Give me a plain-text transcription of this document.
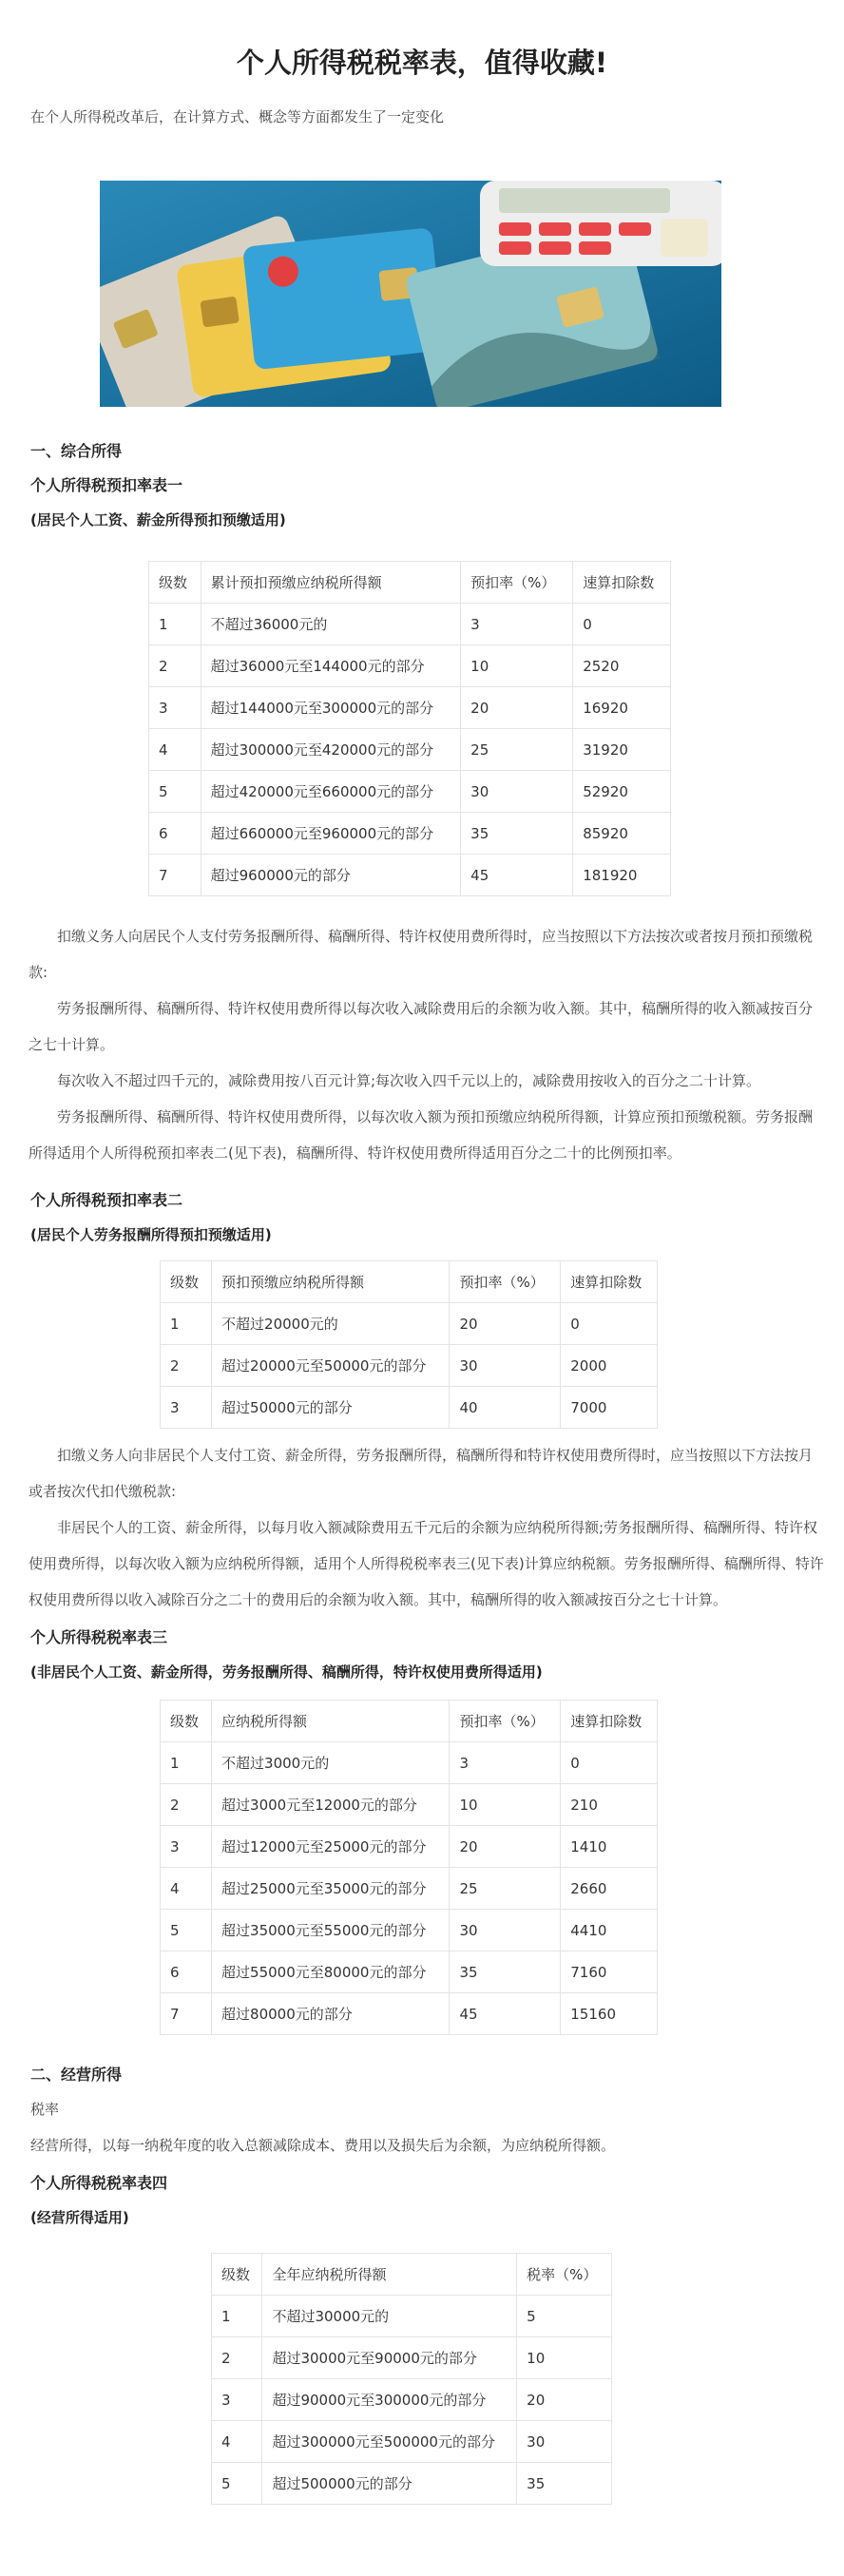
个人所得税税率表，值得收藏!

在个人所得税改革后，在计算方式、概念等方面都发生了一定变化

一、综合所得

个人所得税预扣率表一

(居民个人工资、薪金所得预扣预缴适用)

级数	累计预扣预缴应纳税所得额	预扣率（%）	速算扣除数
1	不超过36000元的	3	0
2	超过36000元至144000元的部分	10	2520
3	超过144000元至300000元的部分	20	16920
4	超过300000元至420000元的部分	25	31920
5	超过420000元至660000元的部分	30	52920
6	超过660000元至960000元的部分	35	85920
7	超过960000元的部分	45	181920

扣缴义务人向居民个人支付劳务报酬所得、稿酬所得、特许权使用费所得时，应当按照以下方法按次或者按月预扣预缴税款:

劳务报酬所得、稿酬所得、特许权使用费所得以每次收入减除费用后的余额为收入额。其中，稿酬所得的收入额减按百分之七十计算。

每次收入不超过四千元的，减除费用按八百元计算;每次收入四千元以上的，减除费用按收入的百分之二十计算。

劳务报酬所得、稿酬所得、特许权使用费所得，以每次收入额为预扣预缴应纳税所得额，计算应预扣预缴税额。劳务报酬所得适用个人所得税预扣率表二(见下表)，稿酬所得、特许权使用费所得适用百分之二十的比例预扣率。

个人所得税预扣率表二

(居民个人劳务报酬所得预扣预缴适用)

级数	预扣预缴应纳税所得额	预扣率（%）	速算扣除数
1	不超过20000元的	20	0
2	超过20000元至50000元的部分	30	2000
3	超过50000元的部分	40	7000

扣缴义务人向非居民个人支付工资、薪金所得，劳务报酬所得，稿酬所得和特许权使用费所得时，应当按照以下方法按月或者按次代扣代缴税款:

非居民个人的工资、薪金所得，以每月收入额减除费用五千元后的余额为应纳税所得额;劳务报酬所得、稿酬所得、特许权使用费所得，以每次收入额为应纳税所得额，适用个人所得税税率表三(见下表)计算应纳税额。劳务报酬所得、稿酬所得、特许权使用费所得以收入减除百分之二十的费用后的余额为收入额。其中，稿酬所得的收入额减按百分之七十计算。

个人所得税税率表三

(非居民个人工资、薪金所得，劳务报酬所得、稿酬所得，特许权使用费所得适用)

级数	应纳税所得额	预扣率（%）	速算扣除数
1	不超过3000元的	3	0
2	超过3000元至12000元的部分	10	210
3	超过12000元至25000元的部分	20	1410
4	超过25000元至35000元的部分	25	2660
5	超过35000元至55000元的部分	30	4410
6	超过55000元至80000元的部分	35	7160
7	超过80000元的部分	45	15160

二、经营所得

税率

经营所得，以每一纳税年度的收入总额减除成本、费用以及损失后为余额，为应纳税所得额。

个人所得税税率表四

(经营所得适用)

级数	全年应纳税所得额	税率（%）
1	不超过30000元的	5
2	超过30000元至90000元的部分	10
3	超过90000元至300000元的部分	20
4	超过300000元至500000元的部分	30
5	超过500000元的部分	35
